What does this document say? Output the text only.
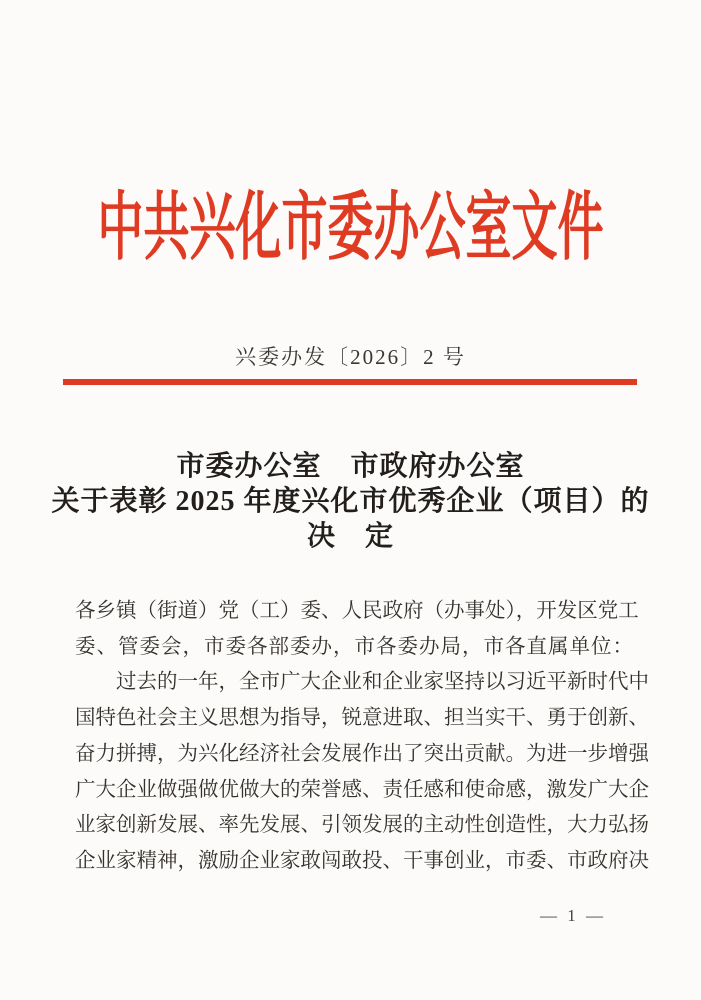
中共兴化市委办公室文件
兴委办发〔2026〕2 号
市委办公室　市政府办公室
关于表彰 2025 年度兴化市优秀企业（项目）的
决　定
各乡镇（街道）党（工）委、人民政府（办事处），开发区党工
委、管委会，市委各部委办，市各委办局，市各直属单位：
过去的一年，全市广大企业和企业家坚持以习近平新时代中
国特色社会主义思想为指导，锐意进取、担当实干、勇于创新、
奋力拼搏，为兴化经济社会发展作出了突出贡献。为进一步增强
广大企业做强做优做大的荣誉感、责任感和使命感，激发广大企
业家创新发展、率先发展、引领发展的主动性创造性，大力弘扬
企业家精神，激励企业家敢闯敢投、干事创业，市委、市政府决
— 1 —
